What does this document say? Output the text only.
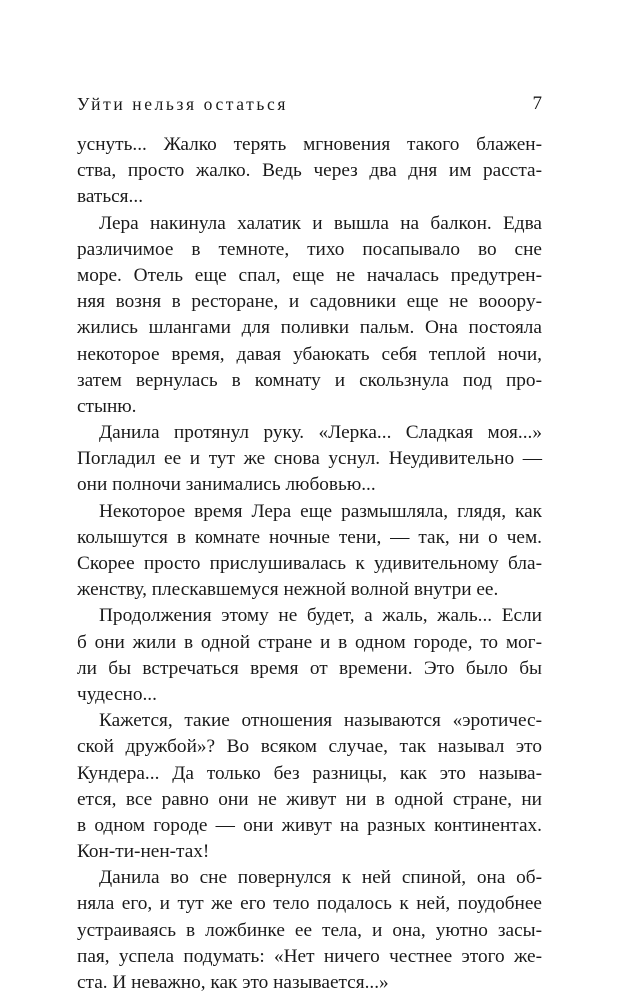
Уйти нельзя остаться	7
уснуть... Жалко терять мгновения такого блажен-
ства, просто жалко. Ведь через два дня им расста-
ваться...
Лера накинула халатик и вышла на балкон. Едва
различимое в темноте, тихо посапывало во сне
море. Отель еще спал, еще не началась предутрен-
няя возня в ресторане, и садовники еще не вооору-
жились шлангами для поливки пальм. Она постояла
некоторое время, давая убаюкать себя теплой ночи,
затем вернулась в комнату и скользнула под про-
стыню.
Данила протянул руку. «Лерка... Сладкая моя...»
Погладил ее и тут же снова уснул. Неудивительно —
они полночи занимались любовью...
Некоторое время Лера еще размышляла, глядя, как
колышутся в комнате ночные тени, — так, ни о чем.
Скорее просто прислушивалась к удивительному бла-
женству, плескавшемуся нежной волной внутри ее.
Продолжения этому не будет, а жаль, жаль... Если
б они жили в одной стране и в одном городе, то мог-
ли бы встречаться время от времени. Это было бы
чудесно...
Кажется, такие отношения называются «эротичес-
ской дружбой»? Во всяком случае, так называл это
Кундера... Да только без разницы, как это называ-
ется, все равно они не живут ни в одной стране, ни
в одном городе — они живут на разных континентах.
Кон-ти-нен-тах!
Данила во сне повернулся к ней спиной, она об-
няла его, и тут же его тело подалось к ней, поудобнее
устраиваясь в ложбинке ее тела, и она, уютно засы-
пая, успела подумать: «Нет ничего честнее этого же-
ста. И неважно, как это называется...»
